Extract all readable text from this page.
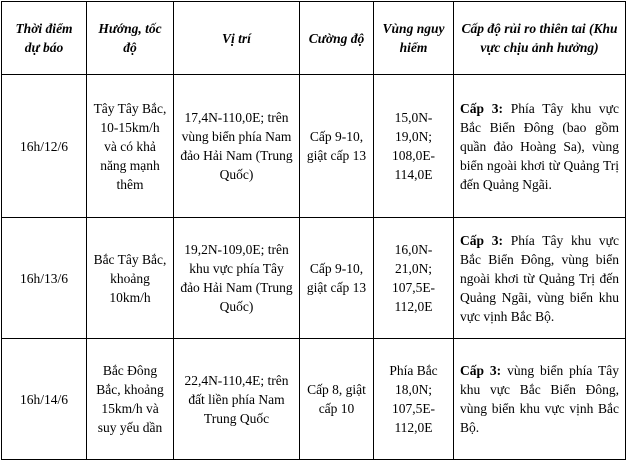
Thời điểm dự báo	Hướng, tốc độ	Vị trí	Cường độ	Vùng nguy hiểm	Cấp độ rủi ro thiên tai (Khu vực chịu ảnh hưởng)
16h/12/6	Tây Tây Bắc, 10-15km/h và có khả năng mạnh thêm	17,4N-110,0E; trên vùng biển phía Nam đảo Hải Nam (Trung Quốc)	Cấp 9-10, giật cấp 13	15,0N-19,0N; 108,0E-114,0E	Cấp 3: Phía Tây khu vực Bắc Biển Đông (bao gồm quần đảo Hoàng Sa), vùng biển ngoài khơi từ Quảng Trị đến Quảng Ngãi.
16h/13/6	Bắc Tây Bắc, khoảng 10km/h	19,2N-109,0E; trên khu vực phía Tây đảo Hải Nam (Trung Quốc)	Cấp 9-10, giật cấp 13	16,0N-21,0N; 107,5E-112,0E	Cấp 3: Phía Tây khu vực Bắc Biển Đông, vùng biển ngoài khơi từ Quảng Trị đến Quảng Ngãi, vùng biển khu vực vịnh Bắc Bộ.
16h/14/6	Bắc Đông Bắc, khoảng 15km/h và suy yếu dần	22,4N-110,4E; trên đất liền phía Nam Trung Quốc	Cấp 8, giật cấp 10	Phía Bắc 18,0N; 107,5E-112,0E	Cấp 3: vùng biển phía Tây khu vực Bắc Biển Đông, vùng biển khu vực vịnh Bắc Bộ.
